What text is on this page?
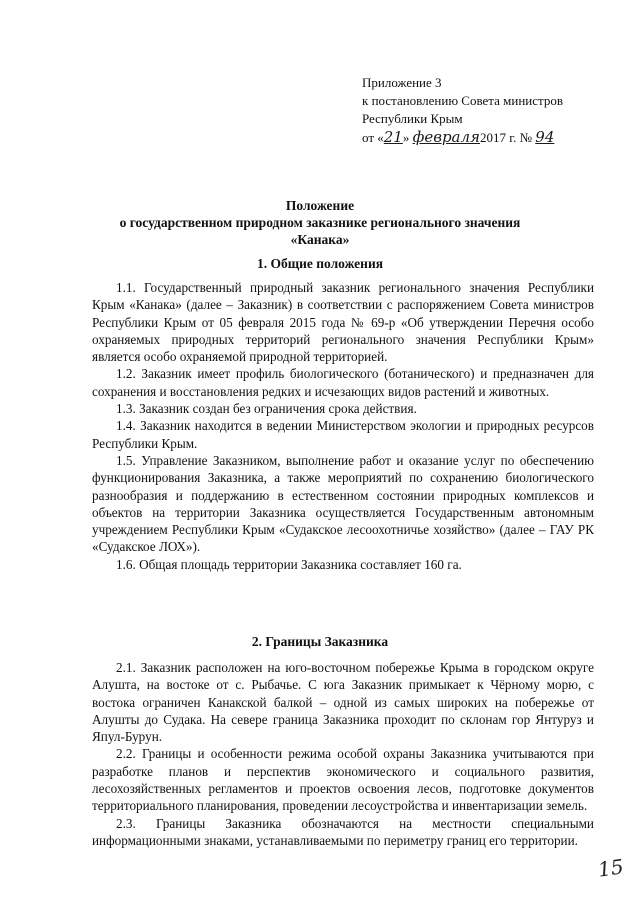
Приложение 3
к постановлению Совета министров
Республики Крым
от «21» февраля2017 г. № 94
Положение
о государственном природном заказнике регионального значения
«Канака»
1. Общие положения

1.1. Государственный природный заказник регионального значения Республики Крым «Канака» (далее – Заказник) в соответствии с распоряжением Совета министров Республики Крым от 05 февраля 2015 года № 69-р «Об утверждении Перечня особо охраняемых природных территорий регионального значения Республики Крым» является особо охраняемой природной территорией.

1.2. Заказник имеет профиль биологического (ботанического) и предназначен для сохранения и восстановления редких и исчезающих видов растений и животных.

1.3. Заказник создан без ограничения срока действия.

1.4. Заказник находится в ведении Министерством экологии и природных ресурсов Республики Крым.

1.5. Управление Заказником, выполнение работ и оказание услуг по обеспечению функционирования Заказника, а также мероприятий по сохранению биологического разнообразия и поддержанию в естественном состоянии природных комплексов и объектов на территории Заказника осуществляется Государственным автономным учреждением Республики Крым «Судакское лесоохотничье хозяйство» (далее – ГАУ РК «Судакское ЛОХ»).

1.6. Общая площадь территории Заказника составляет 160 га.

2. Границы Заказника

2.1. Заказник расположен на юго-восточном побережье Крыма в городском округе Алушта, на востоке от с. Рыбачье. С юга Заказник примыкает к Чёрному морю, с востока ограничен Канакской балкой – одной из самых широких на побережье от Алушты до Судака. На севере граница Заказника проходит по склонам гор Янтуруз и Япул-Бурун.

2.2. Границы и особенности режима особой охраны Заказника учитываются при разработке планов и перспектив экономического и социального развития, лесохозяйственных регламентов и проектов освоения лесов, подготовке документов территориального планирования, проведении лесоустройства и инвентаризации земель.

2.3. Границы Заказника обозначаются на местности специальными информационными знаками, устанавливаемыми по периметру границ его территории.

15
